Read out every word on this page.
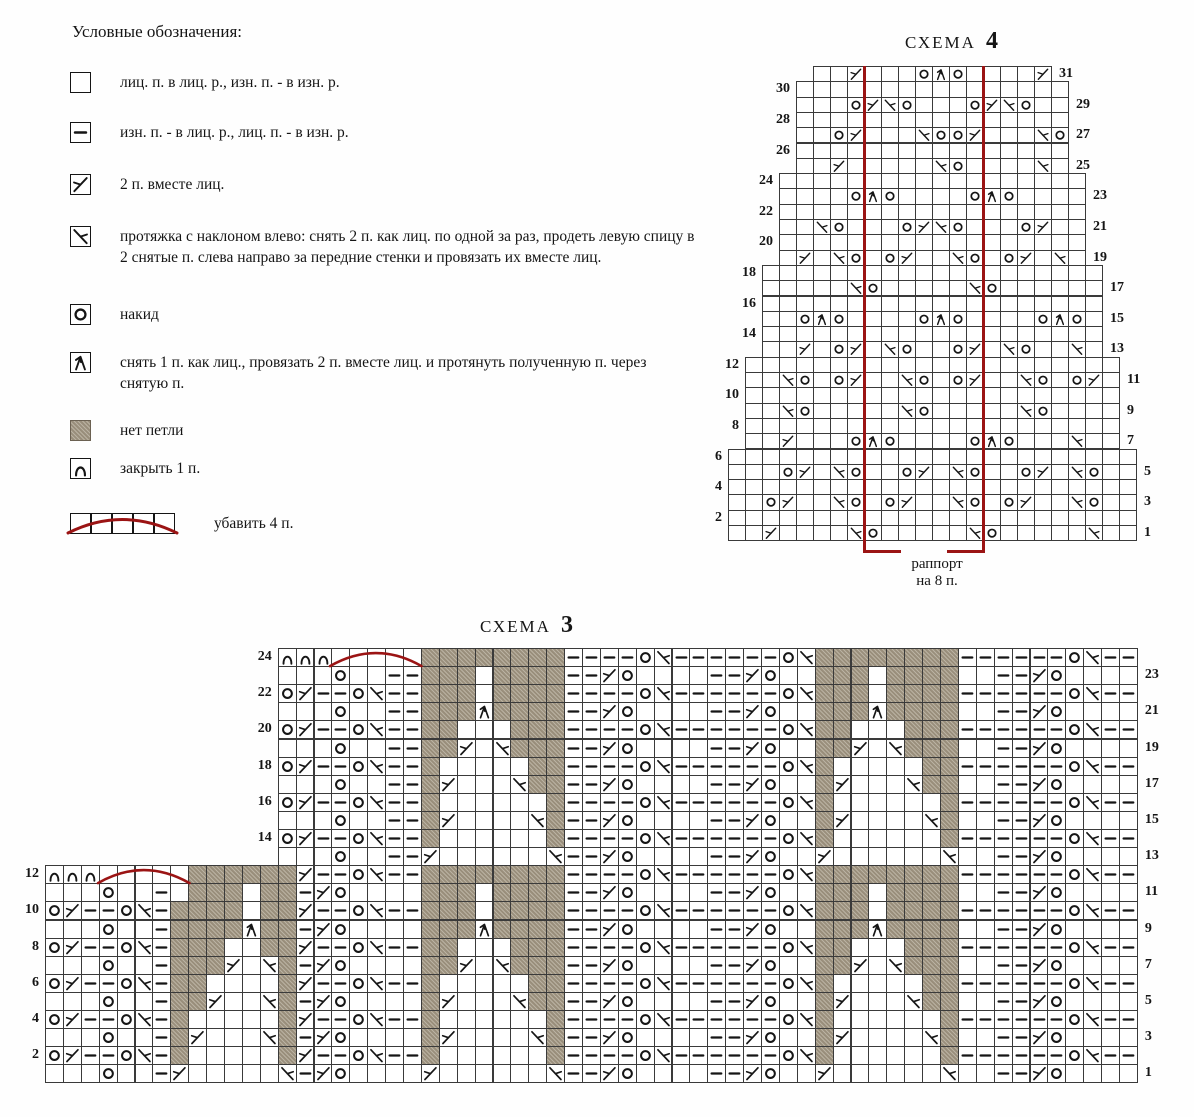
Условные обозначения:
лиц. п. в лиц. р., изн. п. - в изн. р.
изн. п. - в лиц. р., лиц. п. - в изн. р.
2 п. вместе лиц.
протяжка с наклоном влево: снять 2 п. как лиц. по одной за раз, продеть левую спицу в 2 снятые п. слева направо за передние стенки и провязать их вместе лиц.
накид
снять 1 п. как лиц., провязать 2 п. вместе лиц. и протянуть полученную п. через снятую п.
нет петли
закрыть 1 п.
убавить 4 п.
СХЕМА 4
31
30
29
28
27
26
25
24
23
22
21
20
19
18
17
16
15
14
13
12
11
10
9
8
7
6
5
4
3
2
1
раппорт
на 8 п.
СХЕМА 3
24
23
22
21
20
19
18
17
16
15
14
13
12
11
10
9
8
7
6
5
4
3
2
1
